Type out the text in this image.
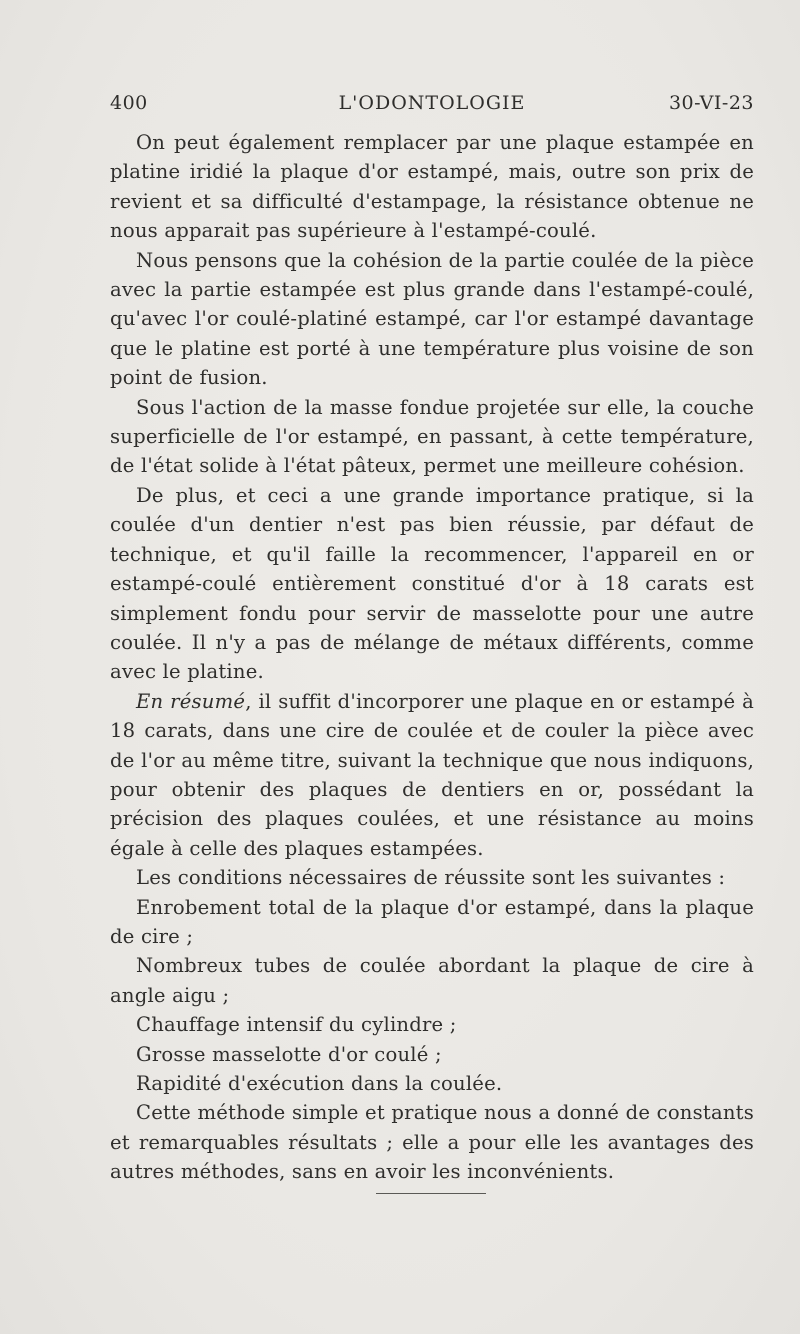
400	L'ODONTOLOGIE	30-VI-23

On peut également remplacer par une plaque estampée en platine iridié la plaque d'or estampé, mais, outre son prix de revient et sa difficulté d'estampage, la résistance obtenue ne nous apparait pas supérieure à l'estampé-coulé.

Nous pensons que la cohésion de la partie coulée de la pièce avec la partie estampée est plus grande dans l'estampé-coulé, qu'avec l'or coulé-platiné estampé, car l'or estampé davantage que le platine est porté à une température plus voisine de son point de fusion.

Sous l'action de la masse fondue projetée sur elle, la couche superficielle de l'or estampé, en passant, à cette température, de l'état solide à l'état pâteux, permet une meilleure cohésion.

De plus, et ceci a une grande importance pratique, si la coulée d'un dentier n'est pas bien réussie, par défaut de technique, et qu'il faille la recommencer, l'appareil en or estampé-coulé entièrement constitué d'or à 18 carats est simplement fondu pour servir de masselotte pour une autre coulée. Il n'y a pas de mélange de métaux différents, comme avec le platine.

En résumé, il suffit d'incorporer une plaque en or estampé à 18 carats, dans une cire de coulée et de couler la pièce avec de l'or au même titre, suivant la technique que nous indiquons, pour obtenir des plaques de dentiers en or, possédant la précision des plaques coulées, et une résistance au moins égale à celle des plaques estampées.

Les conditions nécessaires de réussite sont les suivantes :

Enrobement total de la plaque d'or estampé, dans la plaque de cire ;

Nombreux tubes de coulée abordant la plaque de cire à angle aigu ;

Chauffage intensif du cylindre ;

Grosse masselotte d'or coulé ;

Rapidité d'exécution dans la coulée.

Cette méthode simple et pratique nous a donné de constants et remarquables résultats ; elle a pour elle les avantages des autres méthodes, sans en avoir les inconvénients.
